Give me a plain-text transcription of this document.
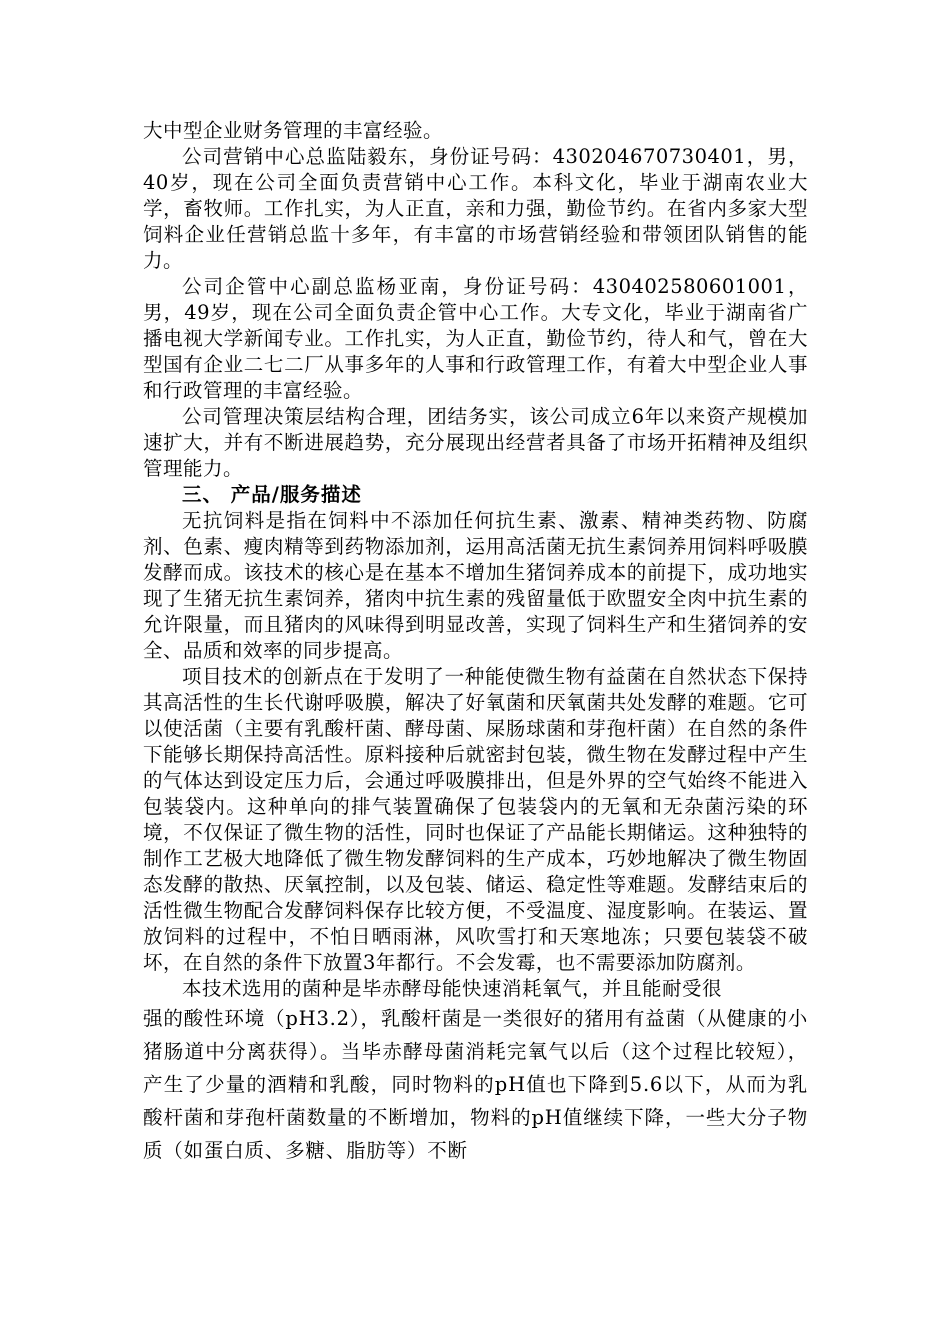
大中型企业财务管理的丰富经验。

公司营销中心总监陆毅东，身份证号码：430204670730401，男，40岁，现在公司全面负责营销中心工作。本科文化，毕业于湖南农业大学，畜牧师。工作扎实，为人正直，亲和力强，勤俭节约。在省内多家大型饲料企业任营销总监十多年，有丰富的市场营销经验和带领团队销售的能力。

公司企管中心副总监杨亚南，身份证号码：430402580601001，男，49岁，现在公司全面负责企管中心工作。大专文化，毕业于湖南省广播电视大学新闻专业。工作扎实，为人正直，勤俭节约，待人和气，曾在大型国有企业二七二厂从事多年的人事和行政管理工作，有着大中型企业人事和行政管理的丰富经验。

公司管理决策层结构合理，团结务实，该公司成立6年以来资产规模加速扩大，并有不断进展趋势，充分展现出经营者具备了市场开拓精神及组织管理能力。

三、 产品/服务描述

无抗饲料是指在饲料中不添加任何抗生素、激素、精神类药物、防腐剂、色素、瘦肉精等到药物添加剂，运用高活菌无抗生素饲养用饲料呼吸膜发酵而成。该技术的核心是在基本不增加生猪饲养成本的前提下，成功地实现了生猪无抗生素饲养，猪肉中抗生素的残留量低于欧盟安全肉中抗生素的允许限量，而且猪肉的风味得到明显改善，实现了饲料生产和生猪饲养的安全、品质和效率的同步提高。

项目技术的创新点在于发明了一种能使微生物有益菌在自然状态下保持其高活性的生长代谢呼吸膜，解决了好氧菌和厌氧菌共处发酵的难题。它可以使活菌（主要有乳酸杆菌、酵母菌、屎肠球菌和芽孢杆菌）在自然的条件下能够长期保持高活性。原料接种后就密封包装，微生物在发酵过程中产生的气体达到设定压力后，会通过呼吸膜排出，但是外界的空气始终不能进入包装袋内。这种单向的排气装置确保了包装袋内的无氧和无杂菌污染的环境，不仅保证了微生物的活性，同时也保证了产品能长期储运。这种独特的制作工艺极大地降低了微生物发酵饲料的生产成本，巧妙地解决了微生物固态发酵的散热、厌氧控制，以及包装、储运、稳定性等难题。发酵结束后的活性微生物配合发酵饲料保存比较方便，不受温度、湿度影响。在装运、置放饲料的过程中，不怕日晒雨淋，风吹雪打和天寒地冻；只要包装袋不破坏，在自然的条件下放置3年都行。不会发霉，也不需要添加防腐剂。

本技术选用的菌种是毕赤酵母能快速消耗氧气，并且能耐受很

强的酸性环境（pH3.2），乳酸杆菌是一类很好的猪用有益菌（从健康的小猪肠道中分离获得）。当毕赤酵母菌消耗完氧气以后（这个过程比较短），产生了少量的酒精和乳酸，同时物料的pH值也下降到5.6以下，从而为乳酸杆菌和芽孢杆菌数量的不断增加，物料的pH值继续下降，一些大分子物质（如蛋白质、多糖、脂肪等）不断
